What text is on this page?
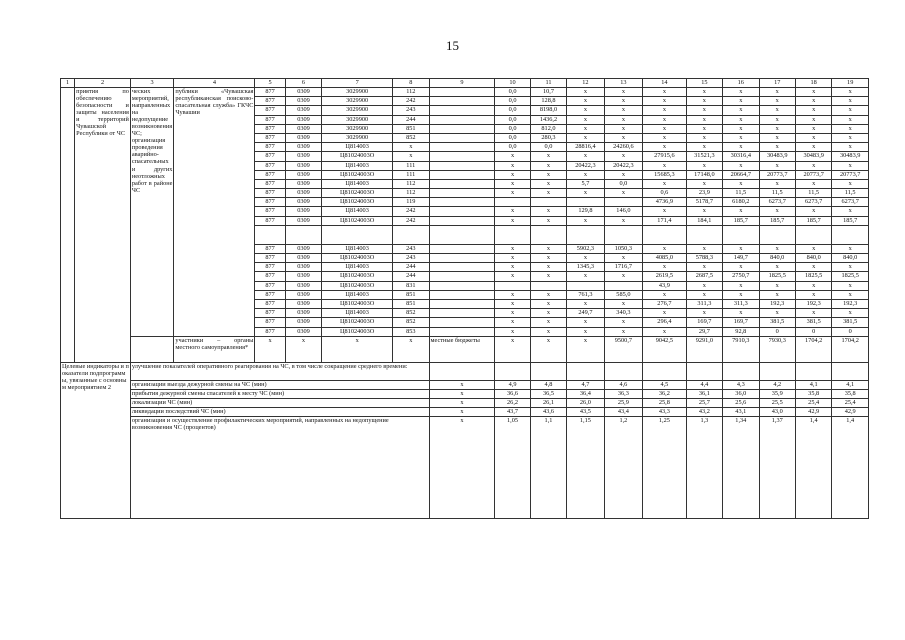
15
1	2	3	4	5	6	7	8	9	10	11	12	13	14	15	16	17	18	19
	приятия по обеспечению безопасности и защиты населения и территорий Чувашской Республики от ЧС	ческих мероприятий, направленных на недопущение возникновения ЧС; организация проведения аварийно-спасательных и других неотложных работ в районе ЧС	публики «Чувашская республиканская поисково-спасательная служба» ГКЧС Чувашии	877	0309	3029900	112		0,0	10,7	x	x	x	x	x	x	x	x
				877	0309	3029900	242		0,0	128,8	x	x	x	x	x	x	x	x
				877	0309	3029900	243		0,0	8198,0	x	x	x	x	x	x	x	x
				877	0309	3029900	244		0,0	1436,2	x	x	x	x	x	x	x	x
				877	0309	3029900	851		0,0	812,0	x	x	x	x	x	x	x	x
				877	0309	3029900	852		0,0	280,3	x	x	x	x	x	x	x	x
				877	0309	Ц814003	x		0,0	0,0	28816,4	24260,6	x	x	x	x	x	x
				877	0309	Ц81024003О	x		x	x	x	x	27915,6	31521,3	30316,4	30483,9	30483,9	30483,9
				877	0309	Ц814003	111		x	x	20422,3	20422,3	x	x	x	x	x	x
				877	0309	Ц81024003О	111		x	x	x	x	15685,3	17148,0	20664,7	20773,7	20773,7	20773,7
				877	0309	Ц814003	112		x	x	5,7	0,0	x	x	x	x	x	x
				877	0309	Ц81024003О	112		x	x	x	x	0,6	23,9	11,5	11,5	11,5	11,5
				877	0309	Ц81024003О	119						4736,9	5178,7	6180,2	6273,7	6273,7	6273,7
				877	0309	Ц814003	242		x	x	129,8	146,0	x	x	x	x	x	x
				877	0309	Ц81024003О	242		x	x	x	x	171,4	184,1	185,7	185,7	185,7	185,7

				877	0309	Ц814003	243		x	x	5902,3	1050,3	x	x	x	x	x	x
				877	0309	Ц81024003О	243		x	x	x	x	4085,0	5788,3	149,7	840,0	840,0	840,0
				877	0309	Ц814003	244		x	x	1345,3	1716,7	x	x	x	x	x	x
				877	0309	Ц81024003О	244		x	x	x	x	2619,5	2687,5	2750,7	1825,5	1825,5	1825,5
				877	0309	Ц81024003О	831						43,9	x	x	x	x	x
				877	0309	Ц814003	851		x	x	761,3	585,0	x	x	x	x	x	x
				877	0309	Ц81024003О	851		x	x	x	x	276,7	311,3	311,3	192,3	192,3	192,3
				877	0309	Ц814003	852		x	x	249,7	340,3	x	x	x	x	x	x
				877	0309	Ц81024003О	852		x	x	x	x	296,4	169,7	169,7	381,5	381,5	381,5
				877	0309	Ц81024003О	853		x	x	x	x	x	29,7	92,8	0	0	0
			участники – органы местного самоуправления*	x	x	x	x	местные бюджеты	x	x	x	9500,7	9042,5	9291,0	7910,3	7930,3	1704,2	1704,2
Целевые индикаторы и показатели подпрограммы, увязанные с основным мероприятием 2		улучшение показателей оперативного реагирования на ЧС, в том числе сокращение среднего времени:																
		организации выезда дежурной смены на ЧС (мин)						x	4,9	4,8	4,7	4,6	4,5	4,4	4,3	4,2	4,1	4,1
		прибытия дежурной смены спасателей к месту ЧС (мин)						x	36,6	36,5	36,4	36,3	36,2	36,1	36,0	35,9	35,8	35,8
		локализации ЧС (мин)						x	26,2	26,1	26,0	25,9	25,8	25,7	25,6	25,5	25,4	25,4
		ликвидации последствий ЧС (мин)						x	43,7	43,6	43,5	43,4	43,3	43,2	43,1	43,0	42,9	42,9
		организация и осуществление профилактических мероприятий, направленных на недопущение возникновения ЧС (процентов)						x	1,05	1,1	1,15	1,2	1,25	1,3	1,34	1,37	1,4	1,4
